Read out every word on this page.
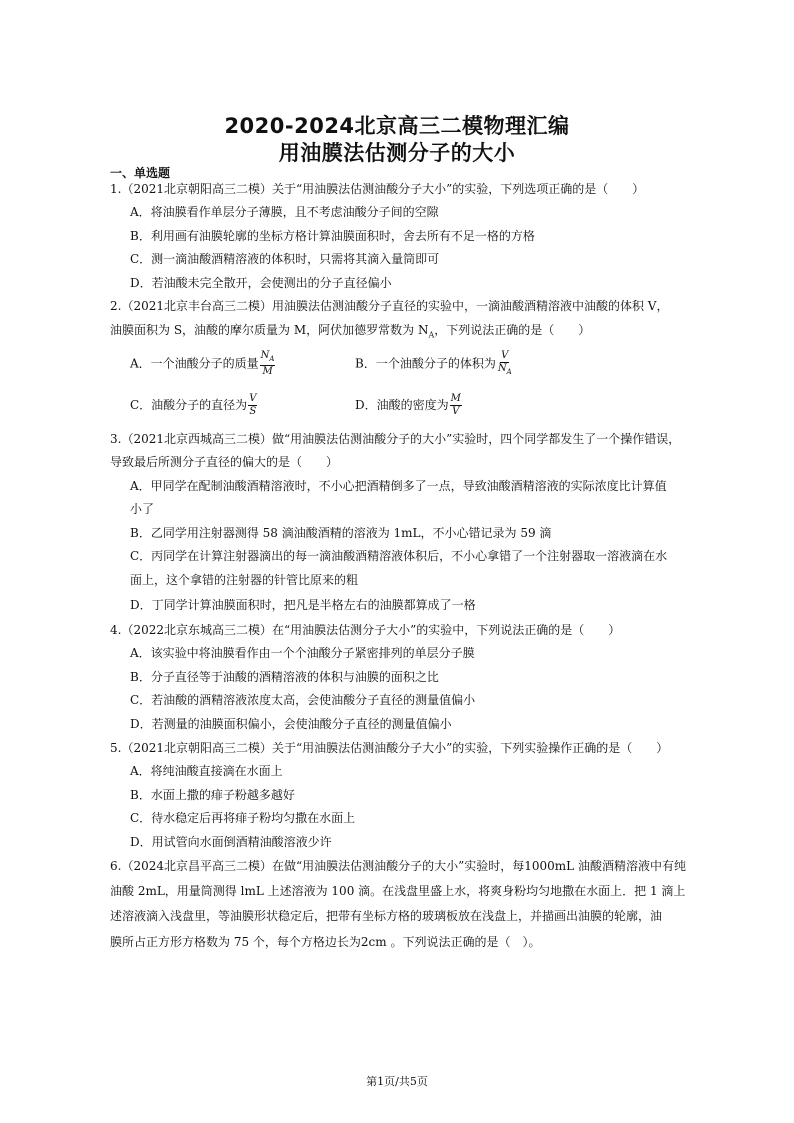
2020-2024北京高三二模物理汇编
用油膜法估测分子的大小
一、单选题
1.（2021北京朝阳高三二模）关于“用油膜法估测油酸分子大小”的实验，下列选项正确的是（　　）
A．将油膜看作单层分子薄膜，且不考虑油酸分子间的空隙
B．利用画有油膜轮廓的坐标方格计算油膜面积时，舍去所有不足一格的方格
C．测一滴油酸酒精溶液的体积时，只需将其滴入量筒即可
D．若油酸未完全散开，会使测出的分子直径偏小
2.（2021北京丰台高三二模）用油膜法估测油酸分子直径的实验中，一滴油酸酒精溶液中油酸的体积 V，
油膜面积为 S，油酸的摩尔质量为 M，阿伏加德罗常数为 $N_A$，下列说法正确的是（　　）
A．一个油酸分子的质量 $\frac{N_A}{M}$	B．一个油酸分子的体积为 $\frac{V}{N_A}$
C．油酸分子的直径为 $\frac{V}{S}$	D．油酸的密度为 $\frac{M}{V}$
3.（2021北京西城高三二模）做“用油膜法估测油酸分子的大小”实验时，四个同学都发生了一个操作错误，
导致最后所测分子直径的偏大的是（　　）
A．甲同学在配制油酸酒精溶液时，不小心把酒精倒多了一点，导致油酸酒精溶液的实际浓度比计算值
小了
B．乙同学用注射器测得 58 滴油酸酒精的溶液为 1mL，不小心错记录为 59 滴
C．丙同学在计算注射器滴出的每一滴油酸酒精溶液体积后，不小心拿错了一个注射器取一溶液滴在水
面上，这个拿错的注射器的针管比原来的粗
D．丁同学计算油膜面积时，把凡是半格左右的油膜都算成了一格
4.（2022北京东城高三二模）在“用油膜法估测分子大小”的实验中，下列说法正确的是（　　）
A．该实验中将油膜看作由一个个油酸分子紧密排列的单层分子膜
B．分子直径等于油酸的酒精溶液的体积与油膜的面积之比
C．若油酸的酒精溶液浓度太高，会使油酸分子直径的测量值偏小
D．若测量的油膜面积偏小，会使油酸分子直径的测量值偏小
5.（2021北京朝阳高三二模）关于“用油膜法估测油酸分子大小”的实验，下列实验操作正确的是（　　）
A．将纯油酸直接滴在水面上
B．水面上撒的痱子粉越多越好
C．待水稳定后再将痱子粉均匀撒在水面上
D．用试管向水面倒酒精油酸溶液少许
6.（2024北京昌平高三二模）在做“用油膜法估测油酸分子的大小”实验时，每1000mL 油酸酒精溶液中有纯
油酸 2mL，用量筒测得 lmL 上述溶液为 100 滴。在浅盘里盛上水，将爽身粉均匀地撒在水面上．把 1 滴上
述溶液滴入浅盘里，等油膜形状稳定后，把带有坐标方格的玻璃板放在浅盘上，并描画出油膜的轮廓，油
膜所占正方形方格数为 75 个，每个方格边长为2cm 。下列说法正确的是（　）。
第1页/共5页
